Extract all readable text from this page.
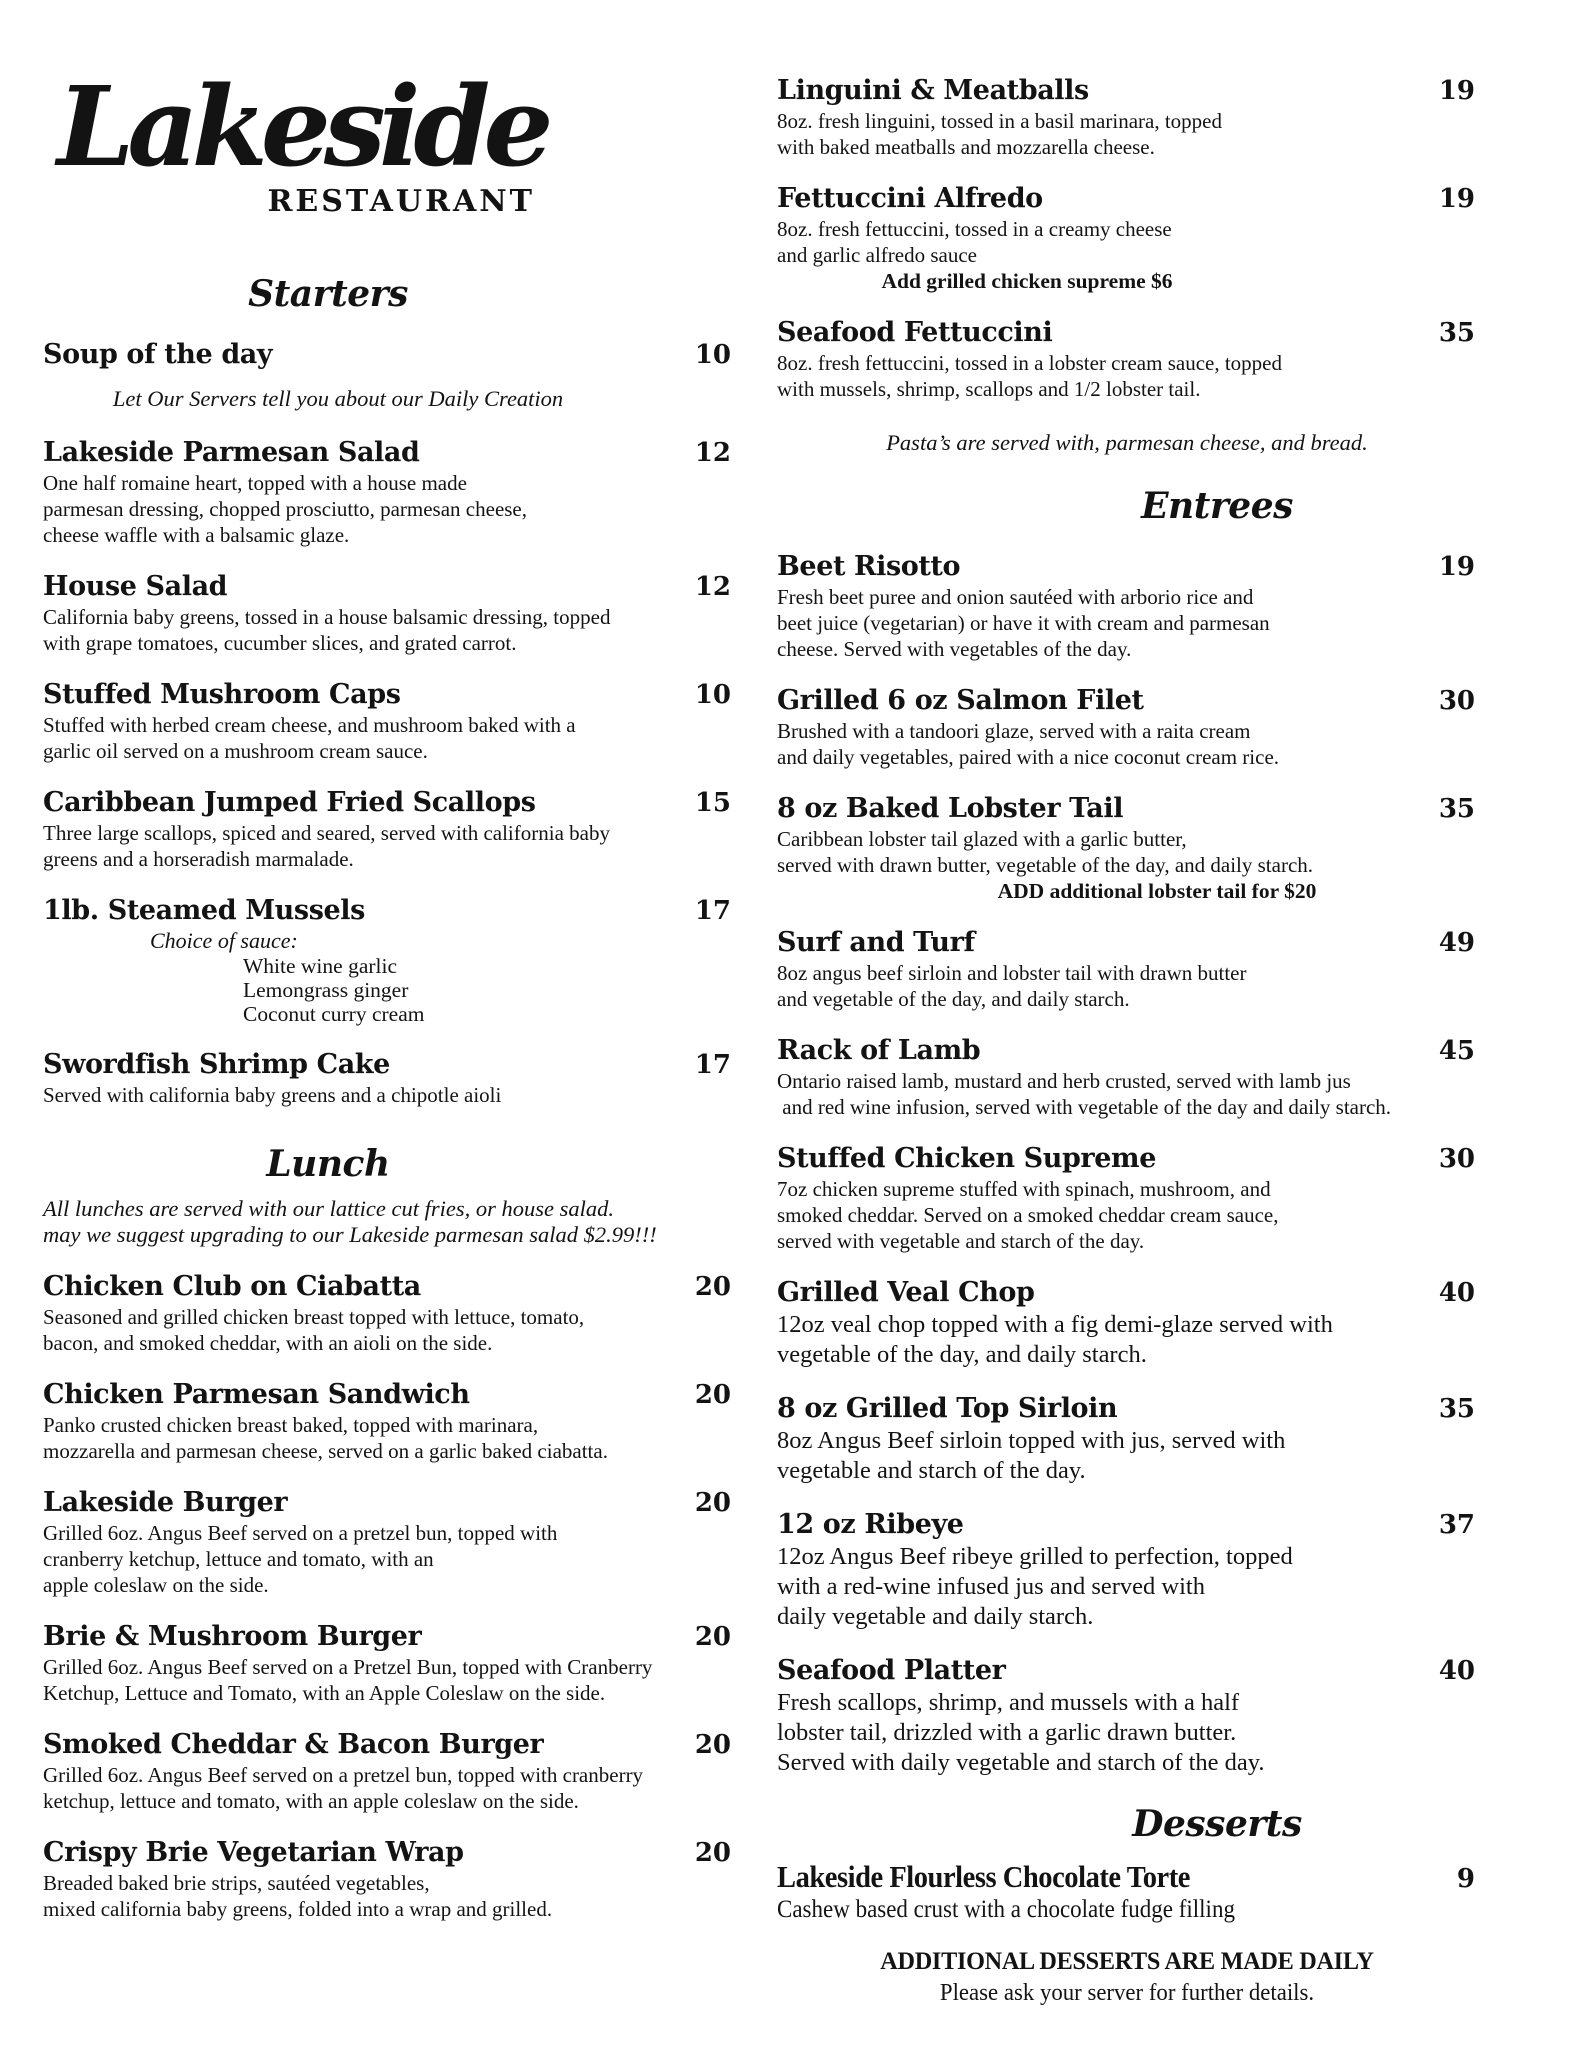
Lakeside
RESTAURANT
Starters
Soup of the day	10
Let Our Servers tell you about our Daily Creation
Lakeside Parmesan Salad	12
One half romaine heart, topped with a house made
parmesan dressing, chopped prosciutto, parmesan cheese,
cheese waffle with a balsamic glaze.
House Salad	12
California baby greens, tossed in a house balsamic dressing, topped
with grape tomatoes, cucumber slices, and grated carrot.
Stuffed Mushroom Caps	10
Stuffed with herbed cream cheese, and mushroom baked with a
garlic oil served on a mushroom cream sauce.
Caribbean Jumped Fried Scallops	15
Three large scallops, spiced and seared, served with california baby
greens and a horseradish marmalade.
1lb. Steamed Mussels	17
Choice of sauce:
White wine garlic
Lemongrass ginger
Coconut curry cream
Swordfish Shrimp Cake	17
Served with california baby greens and a chipotle aioli
Lunch
All lunches are served with our lattice cut fries, or house salad.
may we suggest upgrading to our Lakeside parmesan salad $2.99!!!
Chicken Club on Ciabatta	20
Seasoned and grilled chicken breast topped with lettuce, tomato,
bacon, and smoked cheddar, with an aioli on the side.
Chicken Parmesan Sandwich	20
Panko crusted chicken breast baked, topped with marinara,
mozzarella and parmesan cheese, served on a garlic baked ciabatta.
Lakeside Burger	20
Grilled 6oz. Angus Beef served on a pretzel bun, topped with
cranberry ketchup, lettuce and tomato, with an
apple coleslaw on the side.
Brie & Mushroom Burger	20
Grilled 6oz. Angus Beef served on a Pretzel Bun, topped with Cranberry
Ketchup, Lettuce and Tomato, with an Apple Coleslaw on the side.
Smoked Cheddar & Bacon Burger	20
Grilled 6oz. Angus Beef served on a pretzel bun, topped with cranberry
ketchup, lettuce and tomato, with an apple coleslaw on the side.
Crispy Brie Vegetarian Wrap	20
Breaded baked brie strips, sautéed vegetables,
mixed california baby greens, folded into a wrap and grilled.
Linguini & Meatballs	19
8oz. fresh linguini, tossed in a basil marinara, topped
with baked meatballs and mozzarella cheese.
Fettuccini Alfredo	19
8oz. fresh fettuccini, tossed in a creamy cheese
and garlic alfredo sauce
Add grilled chicken supreme $6
Seafood Fettuccini	35
8oz. fresh fettuccini, tossed in a lobster cream sauce, topped
with mussels, shrimp, scallops and 1/2 lobster tail.
Pasta’s are served with, parmesan cheese, and bread.
Entrees
Beet Risotto	19
Fresh beet puree and onion sautéed with arborio rice and
beet juice (vegetarian) or have it with cream and parmesan
cheese. Served with vegetables of the day.
Grilled 6 oz Salmon Filet	30
Brushed with a tandoori glaze, served with a raita cream
and daily vegetables, paired with a nice coconut cream rice.
8 oz Baked Lobster Tail	35
Caribbean lobster tail glazed with a garlic butter,
served with drawn butter, vegetable of the day, and daily starch.
ADD additional lobster tail for $20
Surf and Turf	49
8oz angus beef sirloin and lobster tail with drawn butter
and vegetable of the day, and daily starch.
Rack of Lamb	45
Ontario raised lamb, mustard and herb crusted, served with lamb jus
and red wine infusion, served with vegetable of the day and daily starch.
Stuffed Chicken Supreme	30
7oz chicken supreme stuffed with spinach, mushroom, and
smoked cheddar. Served on a smoked cheddar cream sauce,
served with vegetable and starch of the day.
Grilled Veal Chop	40
12oz veal chop topped with a fig demi-glaze served with
vegetable of the day, and daily starch.
8 oz Grilled Top Sirloin	35
8oz Angus Beef sirloin topped with jus, served with
vegetable and starch of the day.
12 oz Ribeye	37
12oz Angus Beef ribeye grilled to perfection, topped
with a red-wine infused jus and served with
daily vegetable and daily starch.
Seafood Platter	40
Fresh scallops, shrimp, and mussels with a half
lobster tail, drizzled with a garlic drawn butter.
Served with daily vegetable and starch of the day.
Desserts
Lakeside Flourless Chocolate Torte	9
Cashew based crust with a chocolate fudge filling
ADDITIONAL DESSERTS ARE MADE DAILY
Please ask your server for further details.
